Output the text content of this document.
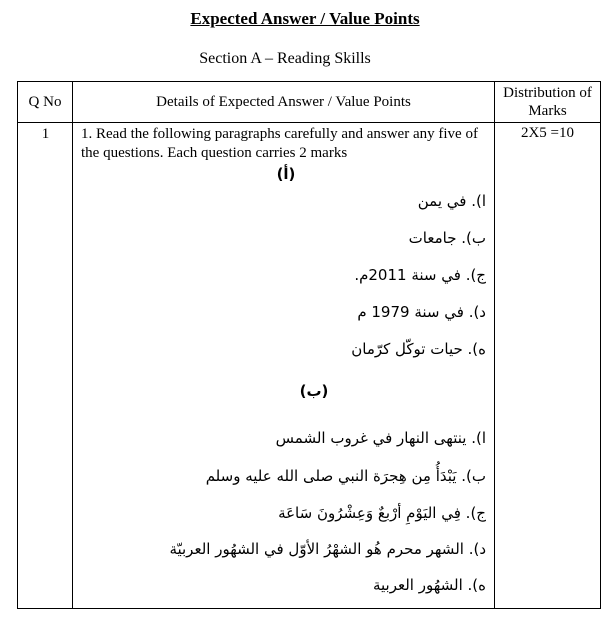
Expected Answer / Value Points
Section A – Reading Skills
Q No	Details of Expected Answer / Value Points
Distribution of Marks
1	2X5 =10
1. Read the following paragraphs carefully and answer any five of the questions. Each question carries 2 marks
(أ)
ا). في يمن
ب). جامعات
ج). في سنة 2011م.
د). في سنة 1979 م
ه). حيات توكّل كرّمان
(ب)
ا). ينتهى النهار في غروب الشمس
ب). يَبْدَأُ مِن هِجرَة النبي صلى الله عليه وسلم
ج). فِي اليَوْمِ أرْبعٌ وَعِشْرُونَ سَاعَة
د). الشهر محرم هُو الشهْرُ الأوّل في الشهُور العربيّة
ه). الشهُور العربية
